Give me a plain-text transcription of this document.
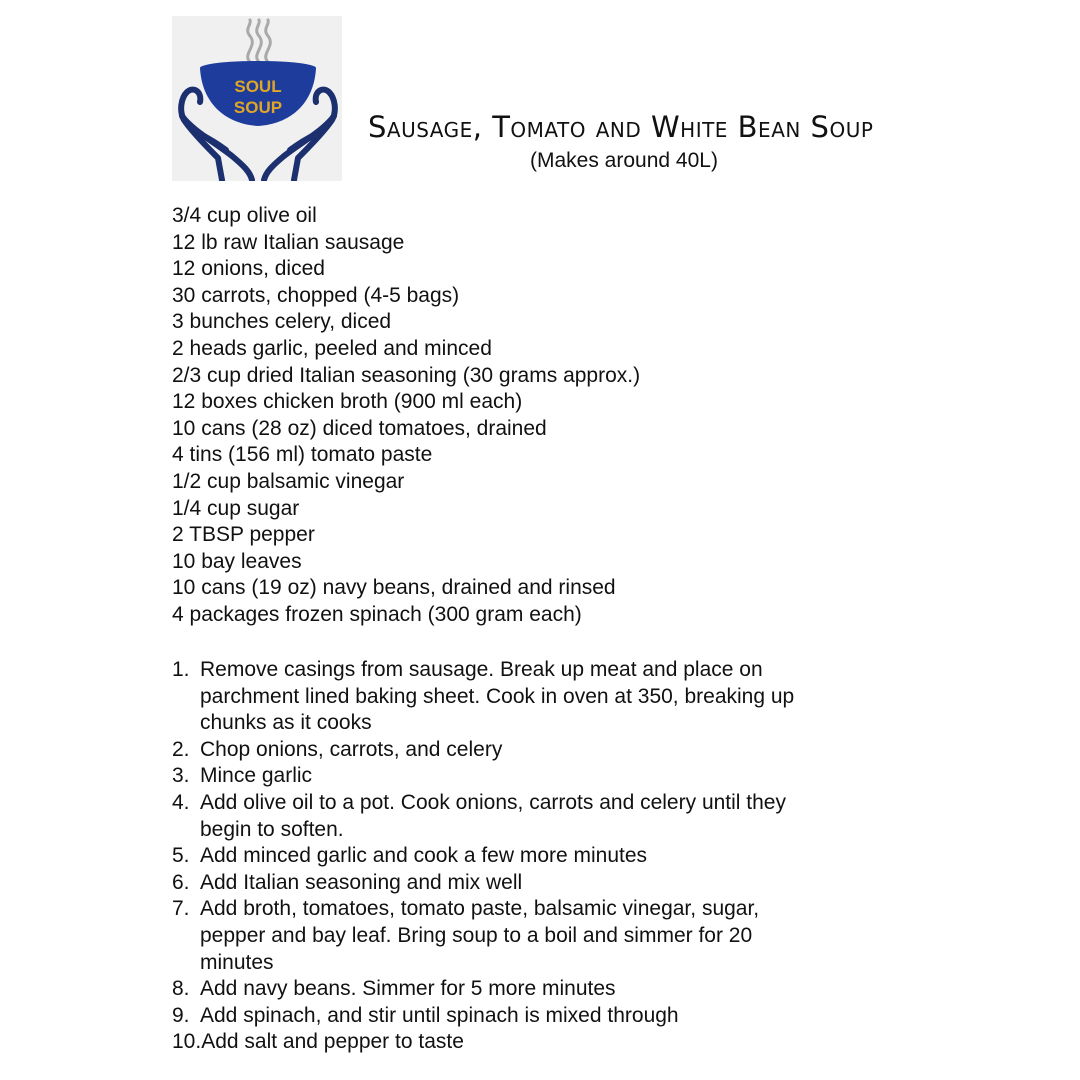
SOUL
SOUP
Sausage, Tomato and White Bean Soup
(Makes around 40L)
3/4 cup olive oil
12 lb raw Italian sausage
12 onions, diced
30 carrots, chopped (4-5 bags)
3 bunches celery, diced
2 heads garlic, peeled and minced
2/3 cup dried Italian seasoning (30 grams approx.)
12 boxes chicken broth (900 ml each)
10 cans (28 oz) diced tomatoes, drained
4 tins (156 ml) tomato paste
1/2 cup balsamic vinegar
1/4 cup sugar
2 TBSP pepper
10 bay leaves
10 cans (19 oz) navy beans, drained and rinsed
4 packages frozen spinach (300 gram each)
1. Remove casings from sausage. Break up meat and place on
parchment lined baking sheet. Cook in oven at 350, breaking up
chunks as it cooks
2. Chop onions, carrots, and celery
3. Mince garlic
4. Add olive oil to a pot. Cook onions, carrots and celery until they
begin to soften.
5. Add minced garlic and cook a few more minutes
6. Add Italian seasoning and mix well
7. Add broth, tomatoes, tomato paste, balsamic vinegar, sugar,
pepper and bay leaf. Bring soup to a boil and simmer for 20
minutes
8. Add navy beans. Simmer for 5 more minutes
9. Add spinach, and stir until spinach is mixed through
10. Add salt and pepper to taste
